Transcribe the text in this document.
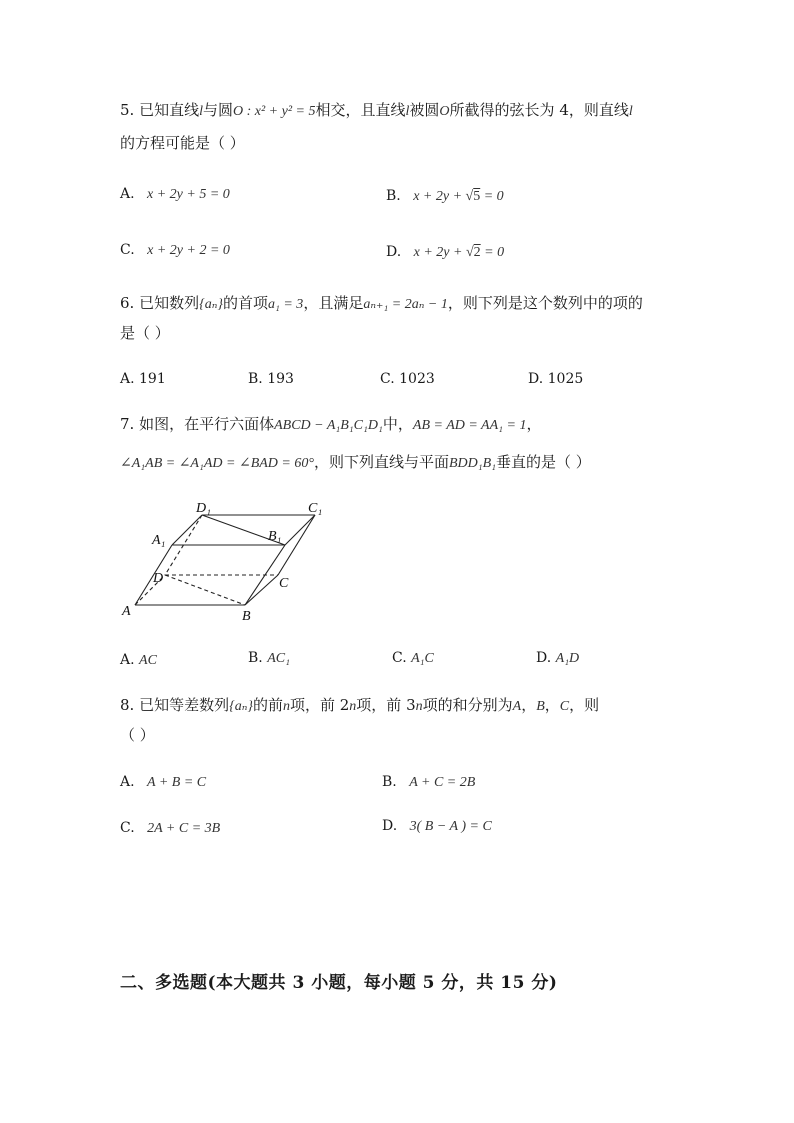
5. 已知直线l与圆O : x² + y² = 5相交，且直线l被圆O所截得的弦长为 4，则直线l
的方程可能是（ ）
A. x + 2y + 5 = 0	B. x + 2y + √5 = 0
C. x + 2y + 2 = 0	D. x + 2y + √2 = 0
6. 已知数列{aₙ}的首项a₁ = 3，且满足aₙ₊₁ = 2aₙ − 1，则下列是这个数列中的项的
是（ ）
A. 191	B. 193	C. 1023	D. 1025
7. 如图，在平行六面体ABCD − A₁B₁C₁D₁中，AB = AD = AA₁ = 1，
∠A₁AB = ∠A₁AD = ∠BAD = 60°，则下列直线与平面BDD₁B₁垂直的是（ ）
D₁	C₁
A₁	B₁
D	C
A	B
A. AC	B. AC₁	C. A₁C	D. A₁D
8. 已知等差数列{aₙ}的前n项，前 2n项，前 3n项的和分别为A，B，C，则
（ ）
A. A + B = C	B. A + C = 2B
C. 2A + C = 3B	D. 3( B − A ) = C
二、多选题(本大题共 3 小题，每小题 5 分，共 15 分)
